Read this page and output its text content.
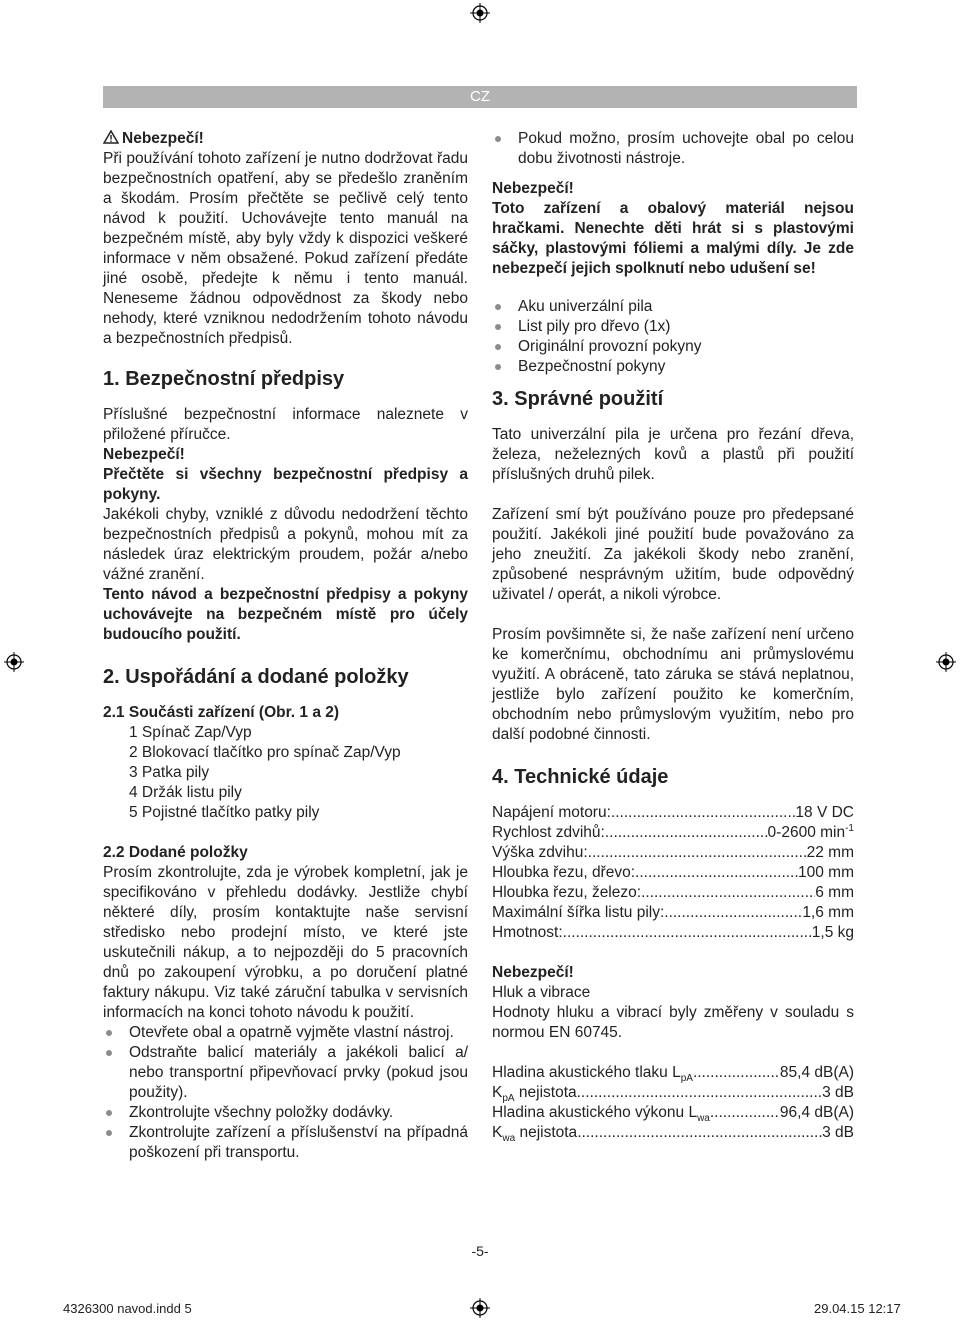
CZ

Nebezpečí!

Při používání tohoto zařízení je nutno dodržovat řadu bezpečnostních opatření, aby se předešlo zraněním a škodám. Prosím přečtěte se pečlivě celý tento návod k použití. Uchovávejte tento manuál na bezpečném místě, aby byly vždy k dispozici veškeré informace v něm obsažené. Pokud zařízení předáte jiné osobě, předejte k němu i tento manuál. Neneseme žádnou odpovědnost za škody nebo nehody, které vzniknou nedodržením tohoto návodu a bezpečnostních předpisů.

1. Bezpečnostní předpisy

Příslušné bezpečnostní informace naleznete v přiložené příručce.

Nebezpečí!

Přečtěte si všechny bezpečnostní předpisy a pokyny.

Jakékoli chyby, vzniklé z důvodu nedodržení těchto bezpečnostních předpisů a pokynů, mohou mít za následek úraz elektrickým proudem, požár a/nebo vážné zranění.

Tento návod a bezpečnostní předpisy a pokyny uchovávejte na bezpečném místě pro účely budoucího použití.

2. Uspořádání a dodané položky
2.1 Součásti zařízení (Obr. 1 a 2)
1 Spínač Zap/Vyp
2 Blokovací tlačítko pro spínač Zap/Vyp
3 Patka pily
4 Držák listu pily
5 Pojistné tlačítko patky pily
2.2 Dodané položky

Prosím zkontrolujte, zda je výrobek kompletní, jak je specifikováno v přehledu dodávky. Jestliže chybí některé díly, prosím kontaktujte naše servisní středisko nebo prodejní místo, ve které jste uskutečnili nákup, a to nejpozději do 5 pracovních dnů po zakoupení výrobku, a po doručení platné faktury nákupu. Viz také záruční tabulka v servisních informacích na konci tohoto návodu k použití.

Otevřete obal a opatrně vyjměte vlastní nástroj.
Odstraňte balicí materiály a jakékoli balicí a/ nebo transportní připevňovací prvky (pokud jsou použity).
Zkontrolujte všechny položky dodávky.
Zkontrolujte zařízení a příslušenství na případná poškození při transportu.
Pokud možno, prosím uchovejte obal po celou dobu životnosti nástroje.

Nebezpečí!

Toto zařízení a obalový materiál nejsou hračkami. Nenechte děti hrát si s plastovými sáčky, plastovými fóliemi a malými díly. Je zde nebezpečí jejich spolknutí nebo udušení se!

Aku univerzální pila
List pily pro dřevo (1x)
Originální provozní pokyny
Bezpečnostní pokyny
3. Správné použití

Tato univerzální pila je určena pro řezání dřeva, železa, neželezných kovů a plastů při použití příslušných druhů pilek.

Zařízení smí být používáno pouze pro předepsané použití. Jakékoli jiné použití bude považováno za jeho zneužití. Za jakékoli škody nebo zranění, způsobené nesprávným užitím, bude odpovědný uživatel / operát, a nikoli výrobce.

Prosím povšimněte si, že naše zařízení není určeno ke komerčnímu, obchodnímu ani průmyslovému využití. A obráceně, tato záruka se stává neplatnou, jestliže bylo zařízení použito ke komerčním, obchodním nebo průmyslovým využitím, nebo pro další podobné činnosti.

4. Technické údaje
Napájení motoru: .....	18 V DC
Rychlost zdvihů: .....	0-2600 $\min^{-1}$
Výška zdvihu: .....	22 mm
Hloubka řezu, dřevo: .....	100 mm
Hloubka řezu, železo: .....	6 mm
Maximální šířka listu pily: .....	1,6 mm
Hmotnost: .....	1,5 kg

Nebezpečí!

Hluk a vibrace

Hodnoty hluku a vibrací byly změřeny v souladu s normou EN 60745.

Hladina akustického tlaku $L_{pA}$ .....	85,4 dB(A)
$K_{pA}$ nejistota .....	3 dB
Hladina akustického výkonu $L_{wa}$ .....	96,4 dB(A)
$K_{wa}$ nejistota .....	3 dB
-5-
4326300 navod.indd 5	29.04.15 12:17
